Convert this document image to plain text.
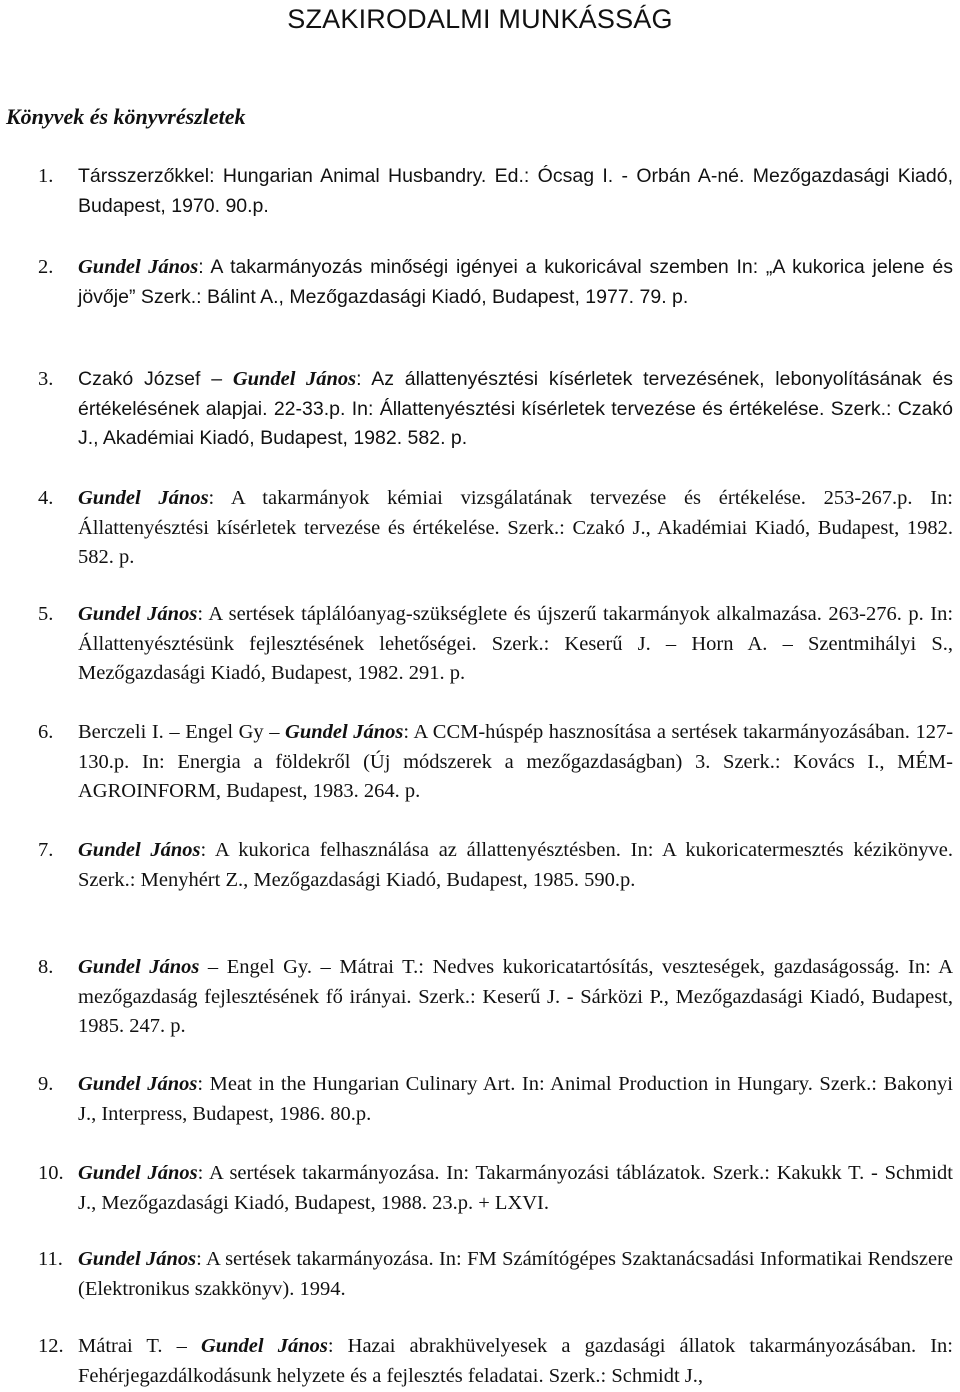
SZAKIRODALMI MUNKÁSSÁG
Könyvek és könyvrészletek
1. Társszerzőkkel: Hungarian Animal Husbandry. Ed.: Ócsag I. - Orbán A-né. Mezőgazdasági Kiadó, Budapest, 1970. 90.p.
2. Gundel János: A takarmányozás minőségi igényei a kukoricával szemben In: „A kukorica jelene és jövője” Szerk.: Bálint A., Mezőgazdasági Kiadó, Budapest, 1977. 79. p.
3. Czakó József – Gundel János: Az állattenyésztési kísérletek tervezésének, lebonyolításának és értékelésének alapjai. 22-33.p. In: Állattenyésztési kísérletek tervezése és értékelése. Szerk.: Czakó J., Akadémiai Kiadó, Budapest, 1982. 582. p.
4. Gundel János: A takarmányok kémiai vizsgálatának tervezése és értékelése. 253-267.p. In: Állattenyésztési kísérletek tervezése és értékelése. Szerk.: Czakó J., Akadémiai Kiadó, Budapest, 1982. 582. p.
5. Gundel János: A sertések táplálóanyag-szükséglete és újszerű takarmányok alkalmazása. 263-276. p. In: Állattenyésztésünk fejlesztésének lehetőségei. Szerk.: Keserű J. – Horn A. – Szentmihályi S., Mezőgazdasági Kiadó, Budapest, 1982. 291. p.
6. Berczeli I. – Engel Gy – Gundel János: A CCM-húspép hasznosítása a sertések takarmányozásában. 127-130.p. In: Energia a földekről (Új módszerek a mezőgazdaságban) 3. Szerk.: Kovács I., MÉM-AGROINFORM, Budapest, 1983. 264. p.
7. Gundel János: A kukorica felhasználása az állattenyésztésben. In: A kukoricatermesztés kézikönyve. Szerk.: Menyhért Z., Mezőgazdasági Kiadó, Budapest, 1985. 590.p.
8. Gundel János – Engel Gy. – Mátrai T.: Nedves kukoricatartósítás, veszteségek, gazdaságosság. In: A mezőgazdaság fejlesztésének fő irányai. Szerk.: Keserű J. - Sárközi P., Mezőgazdasági Kiadó, Budapest, 1985. 247. p.
9. Gundel János: Meat in the Hungarian Culinary Art. In: Animal Production in Hungary. Szerk.: Bakonyi J., Interpress, Budapest, 1986. 80.p.
10. Gundel János: A sertések takarmányozása. In: Takarmányozási táblázatok. Szerk.: Kakukk T. - Schmidt J., Mezőgazdasági Kiadó, Budapest, 1988. 23.p. + LXVI.
11. Gundel János: A sertések takarmányozása. In: FM Számítógépes Szaktanácsadási Informatikai Rendszere (Elektronikus szakkönyv). 1994.
12. Mátrai T. – Gundel János: Hazai abrakhüvelyesek a gazdasági állatok takarmányozásában. In: Fehérjegazdálkodásunk helyzete és a fejlesztés feladatai. Szerk.: Schmidt J.,
